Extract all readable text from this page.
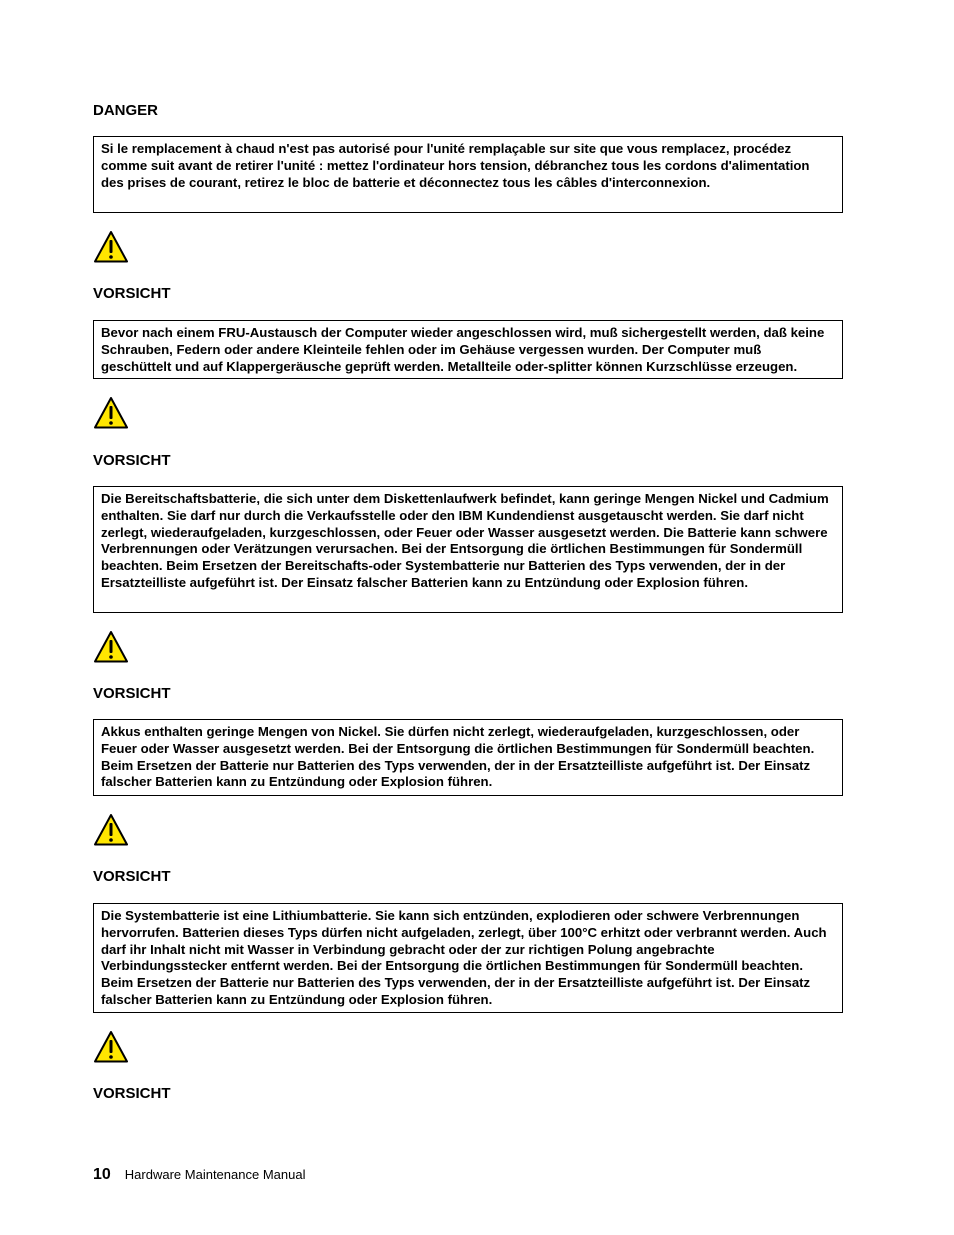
DANGER

Si le remplacement à chaud n'est pas autorisé pour l'unité remplaçable sur site que vous remplacez, procédez comme suit avant de retirer l'unité : mettez l'ordinateur hors tension, débranchez tous les cordons d'alimentation des prises de courant, retirez le bloc de batterie et déconnectez tous les câbles d'interconnexion.

VORSICHT

Bevor nach einem FRU-Austausch der Computer wieder angeschlossen wird, muß sichergestellt werden, daß keine Schrauben, Federn oder andere Kleinteile fehlen oder im Gehäuse vergessen wurden. Der Computer muß geschüttelt und auf Klappergeräusche geprüft werden. Metallteile oder-splitter können Kurzschlüsse erzeugen.

VORSICHT

Die Bereitschaftsbatterie, die sich unter dem Diskettenlaufwerk befindet, kann geringe Mengen Nickel und Cadmium enthalten. Sie darf nur durch die Verkaufsstelle oder den IBM Kundendienst ausgetauscht werden. Sie darf nicht zerlegt, wiederaufgeladen, kurzgeschlossen, oder Feuer oder Wasser ausgesetzt werden. Die Batterie kann schwere Verbrennungen oder Verätzungen verursachen. Bei der Entsorgung die örtlichen Bestimmungen für Sondermüll beachten. Beim Ersetzen der Bereitschafts-oder Systembatterie nur Batterien des Typs verwenden, der in der Ersatzteilliste aufgeführt ist. Der Einsatz falscher Batterien kann zu Entzündung oder Explosion führen.

VORSICHT

Akkus enthalten geringe Mengen von Nickel. Sie dürfen nicht zerlegt, wiederaufgeladen, kurzgeschlossen, oder Feuer oder Wasser ausgesetzt werden. Bei der Entsorgung die örtlichen Bestimmungen für Sondermüll beachten. Beim Ersetzen der Batterie nur Batterien des Typs verwenden, der in der Ersatzteilliste aufgeführt ist. Der Einsatz falscher Batterien kann zu Entzündung oder Explosion führen.

VORSICHT

Die Systembatterie ist eine Lithiumbatterie. Sie kann sich entzünden, explodieren oder schwere Verbrennungen hervorrufen. Batterien dieses Typs dürfen nicht aufgeladen, zerlegt, über 100°C erhitzt oder verbrannt werden. Auch darf ihr Inhalt nicht mit Wasser in Verbindung gebracht oder der zur richtigen Polung angebrachte Verbindungsstecker entfernt werden. Bei der Entsorgung die örtlichen Bestimmungen für Sondermüll beachten. Beim Ersetzen der Batterie nur Batterien des Typs verwenden, der in der Ersatzteilliste aufgeführt ist. Der Einsatz falscher Batterien kann zu Entzündung oder Explosion führen.

VORSICHT
10 Hardware Maintenance Manual
